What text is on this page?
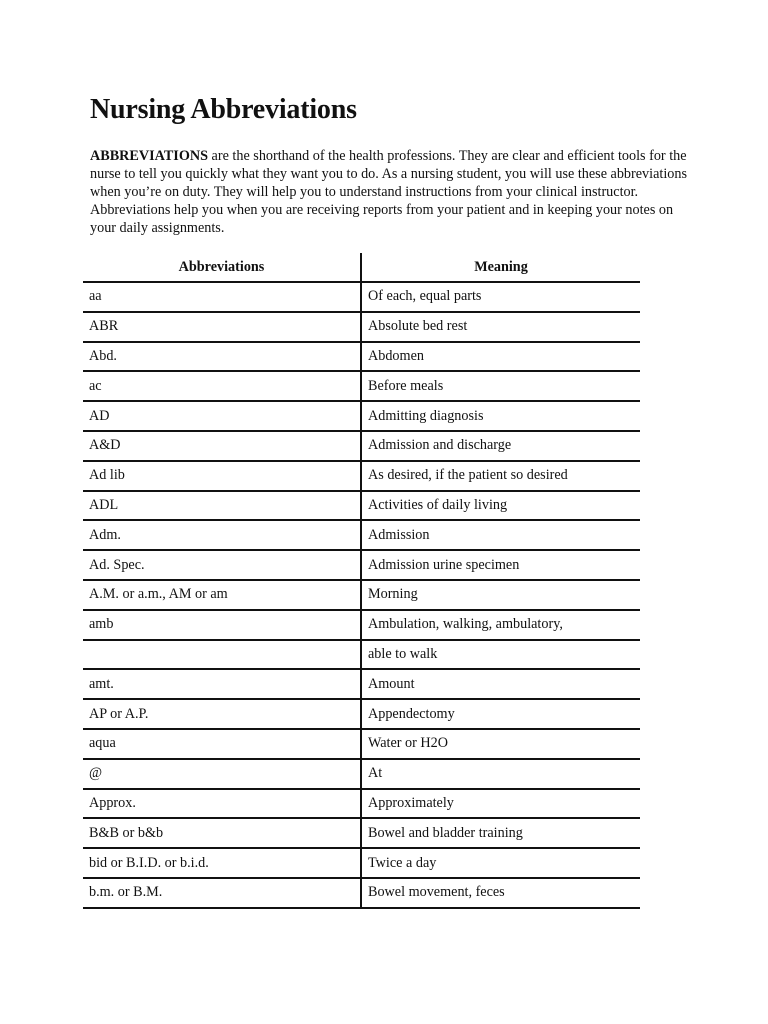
Nursing Abbreviations

ABBREVIATIONS are the shorthand of the health professions. They are clear and efficient tools for the nurse to tell you quickly what they want you to do. As a nursing student, you will use these abbreviations when you’re on duty. They will help you to understand instructions from your clinical instructor. Abbreviations help you when you are receiving reports from your patient and in keeping your notes on your daily assignments.

Abbreviations	Meaning
aa	Of each, equal parts
ABR	Absolute bed rest
Abd.	Abdomen
ac	Before meals
AD	Admitting diagnosis
A&D	Admission and discharge
Ad lib	As desired, if the patient so desired
ADL	Activities of daily living
Adm.	Admission
Ad. Spec.	Admission urine specimen
A.M. or a.m., AM or am	Morning
amb	Ambulation, walking, ambulatory,
	able to walk
amt.	Amount
AP or A.P.	Appendectomy
aqua	Water or H2O
@	At
Approx.	Approximately
B&B or b&b	Bowel and bladder training
bid or B.I.D. or b.i.d.	Twice a day
b.m. or B.M.	Bowel movement, feces
